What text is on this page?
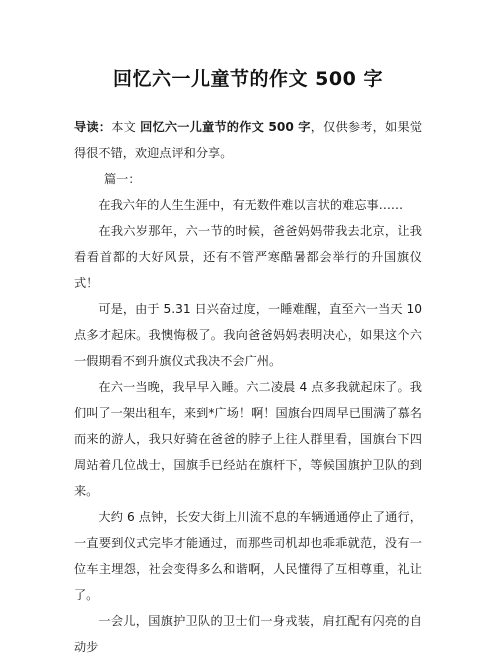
回忆六一儿童节的作文 500 字

导读：本文 回忆六一儿童节的作文 500 字，仅供参考，如果觉得很不错，欢迎点评和分享。

篇一：

在我六年的人生生涯中，有无数件难以言状的难忘事……

在我六岁那年，六一节的时候，爸爸妈妈带我去北京，让我看看首都的大好风景，还有不管严寒酷暑都会举行的升国旗仪式！

可是，由于 5.31 日兴奋过度，一睡难醒，直至六一当天 10 点多才起床。我懊悔极了。我向爸爸妈妈表明决心，如果这个六一假期看不到升旗仪式我决不会广州。

在六一当晚，我早早入睡。六二凌晨 4 点多我就起床了。我们叫了一架出租车，来到*广场！啊！国旗台四周早已围满了慕名而来的游人，我只好骑在爸爸的脖子上往人群里看，国旗台下四周站着几位战士，国旗手已经站在旗杆下，等候国旗护卫队的到来。

大约 6 点钟，长安大街上川流不息的车辆通通停止了通行，一直要到仪式完毕才能通过，而那些司机却也乖乖就范，没有一位车主埋怨，社会变得多么和谐啊，人民懂得了互相尊重，礼让了。

一会儿，国旗护卫队的卫士们一身戎装，肩扛配有闪亮的自动步
